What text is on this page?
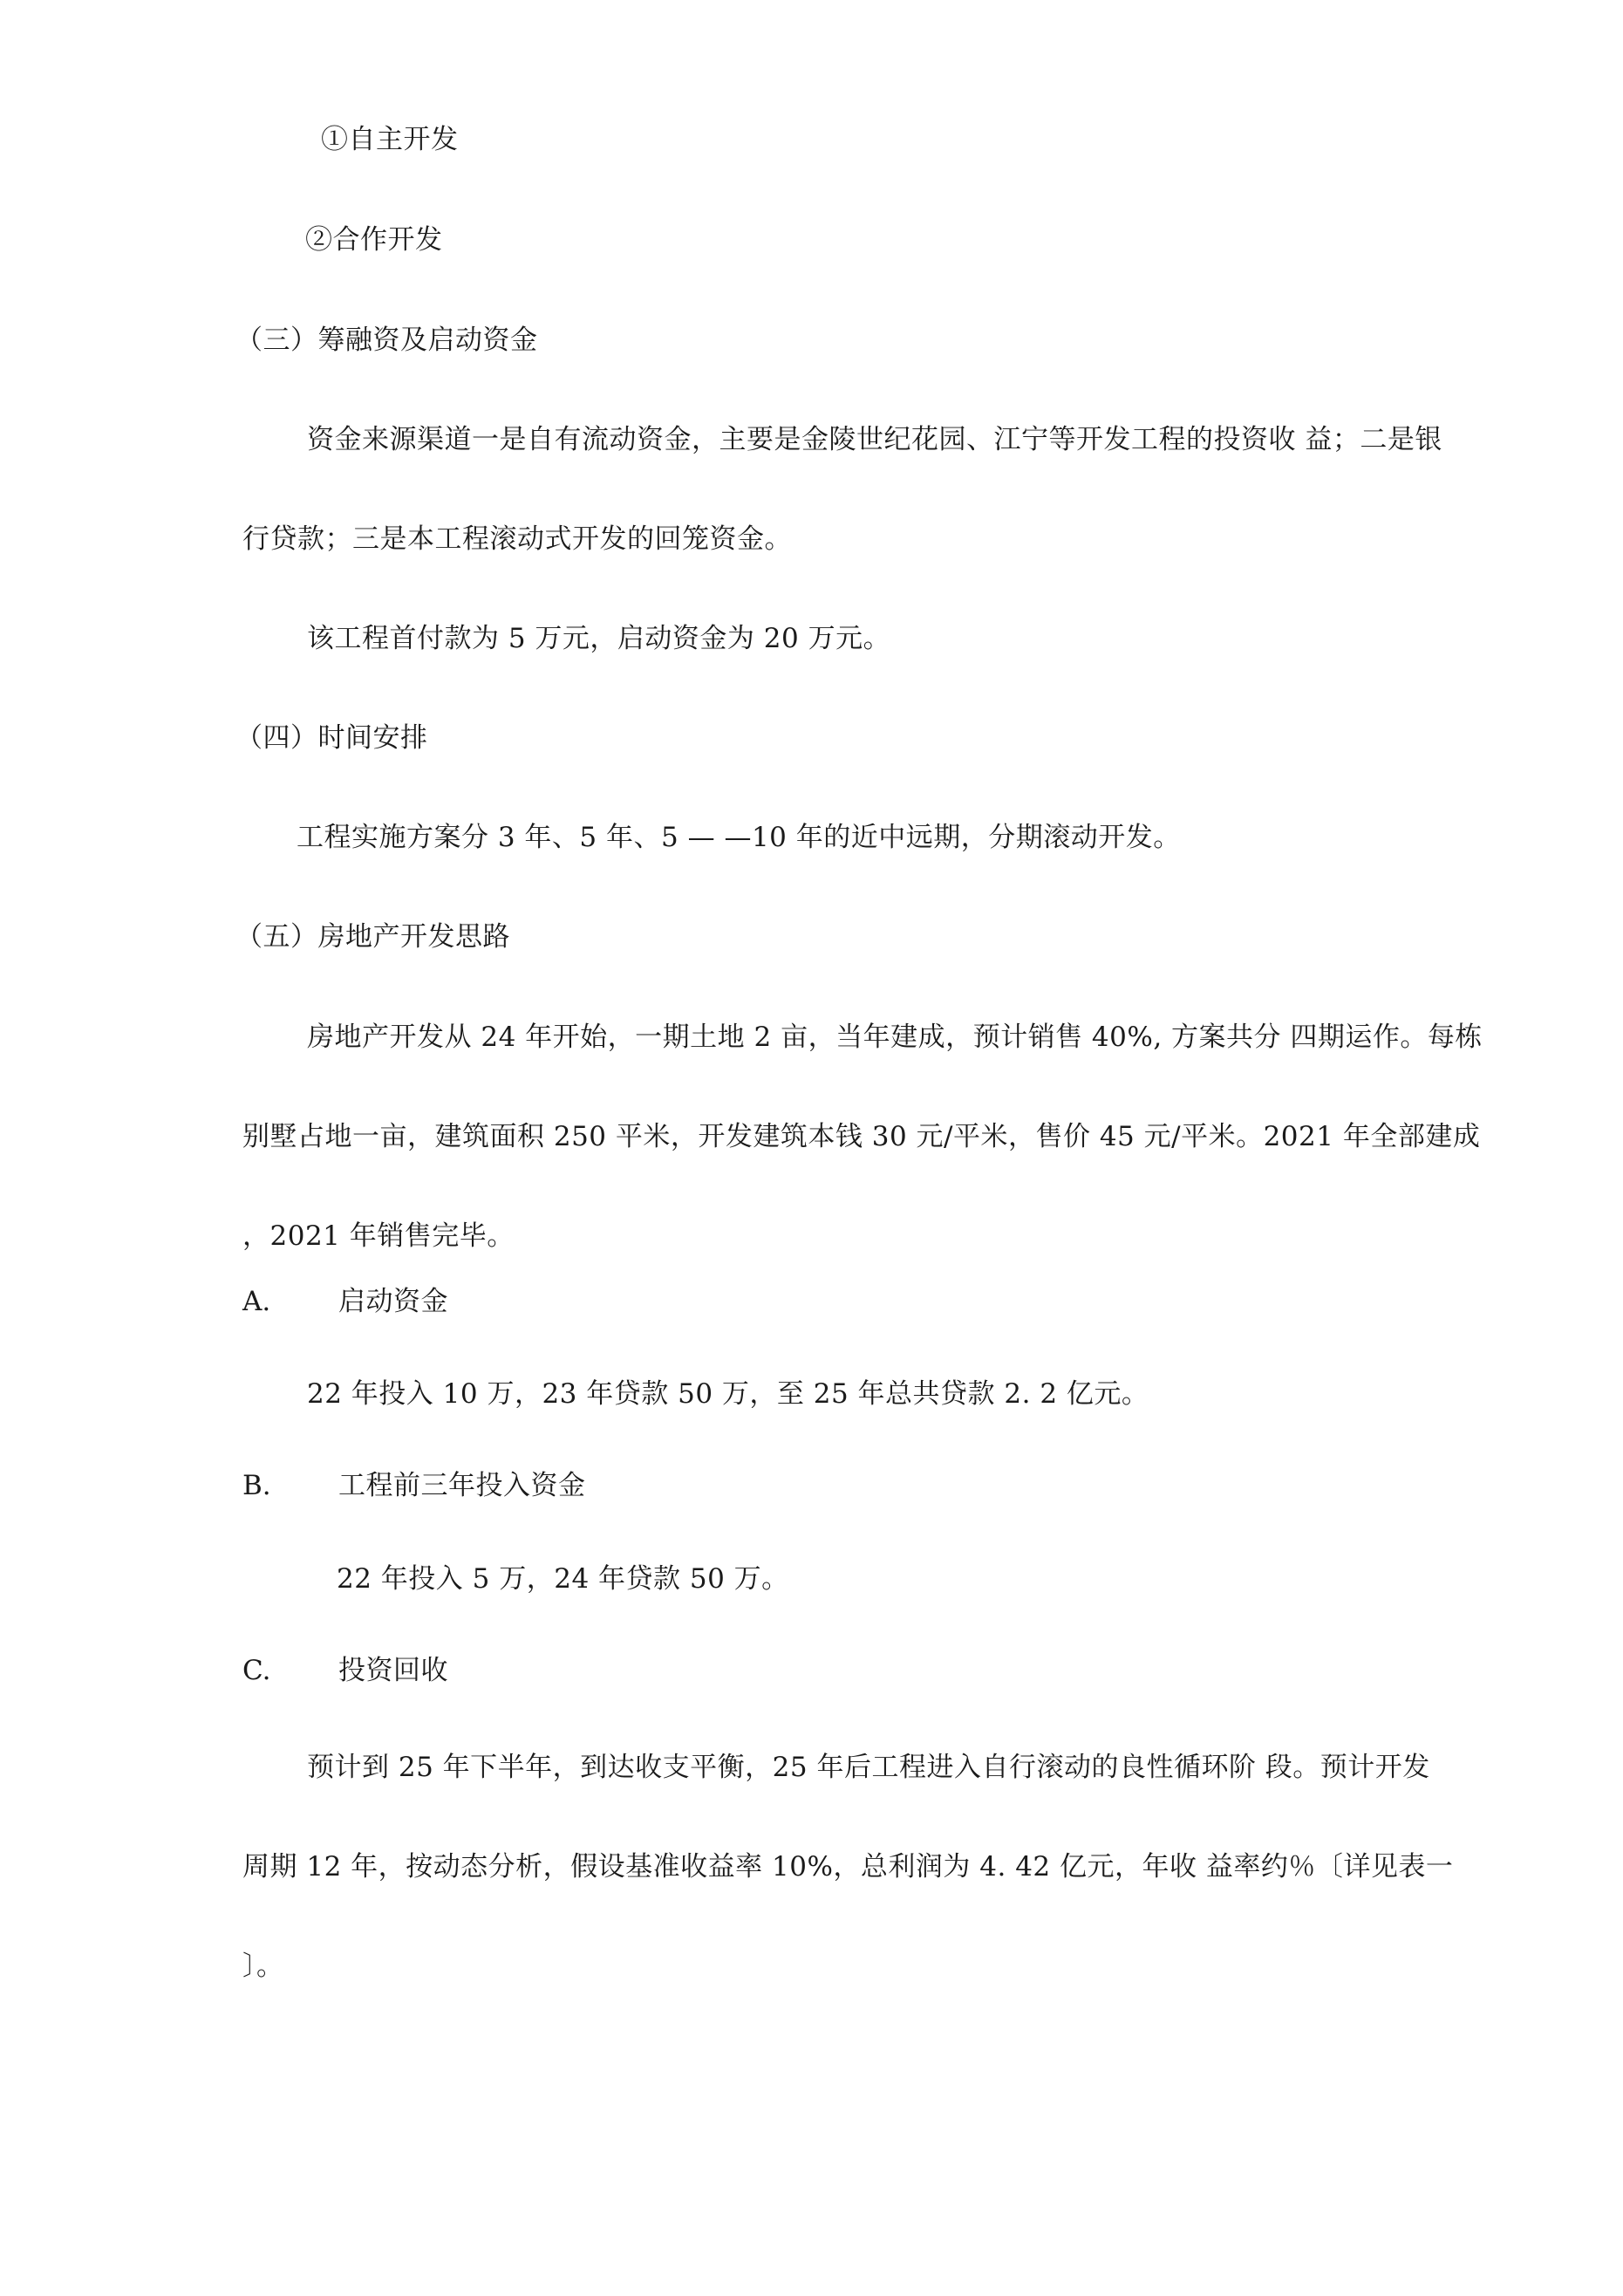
①自主开发
②合作开发
（三）筹融资及启动资金
资金来源渠道一是自有流动资金，主要是金陵世纪花园、江宁等开发工程的投资收 益；二是银
行贷款；三是本工程滚动式开发的回笼资金。
该工程首付款为 5 万元，启动资金为 20 万元。
（四）时间安排
工程实施方案分 3 年、5 年、5 — —10 年的近中远期，分期滚动开发。
（五）房地产开发思路
房地产开发从 24 年开始，一期土地 2 亩，当年建成，预计销售 40%, 方案共分 四期运作。每栋
别墅占地一亩，建筑面积 250 平米，开发建筑本钱 30 元/平米，售价 45 元/平米。2021 年全部建成
，2021 年销售完毕。
A.	启动资金
22 年投入 10 万，23 年贷款 50 万，至 25 年总共贷款 2. 2 亿元。
B. 工程前三年投入资金
22 年投入 5 万，24 年贷款 50 万。
C.	投资回收
预计到 25 年下半年，到达收支平衡，25 年后工程进入自行滚动的良性循环阶 段。预计开发
周期 12 年，按动态分析，假设基准收益率 10%，总利润为 4. 42 亿元，年收 益率约％〔详见表一
〕。
